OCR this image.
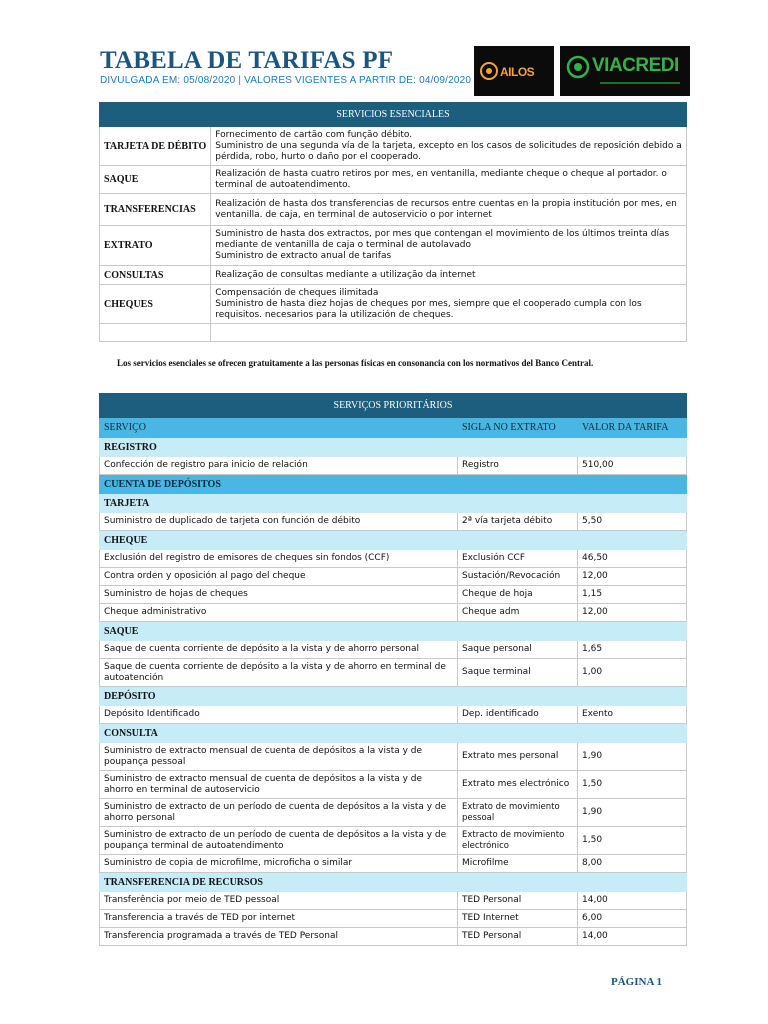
TABELA DE TARIFAS PF
DIVULGADA EM: 05/08/2020 | VALORES VIGENTES A PARTIR DE: 04/09/2020
AILOS	VIACREDI
SERVICIOS ESENCIALES	
TARJETA DE DÉBITO	Fornecimento de cartão com função débito.
Suministro de una segunda vía de la tarjeta, excepto en los casos de solicitudes de reposición debido a pérdida, robo, hurto o daño por el cooperado.

SAQUE	Realización de hasta cuatro retiros por mes, en ventanilla, mediante cheque o cheque al portador. o terminal de autoatendimento.

TRANSFERENCIAS	Realización de hasta dos transferencias de recursos entre cuentas en la propia institución por mes, en ventanilla. de caja, en terminal de autoservicio o por internet

EXTRATO	Suministro de hasta dos extractos, por mes que contengan el movimiento de los últimos treinta días mediante de ventanilla de caja o terminal de autolavado
Suministro de extracto anual de tarifas

CONSULTAS	Realização de consultas mediante a utilização da internet

CHEQUES	Compensación de cheques ilimitada
Suministro de hasta diez hojas de cheques por mes, siempre que el cooperado cumpla con los requisitos. necesarios para la utilización de cheques.

Los servicios esenciales se ofrecen gratuitamente a las personas físicas en consonancia con los normativos del Banco Central.
SERVIÇOS PRIORITÁRIOS		
SERVIÇO	SIGLA NO EXTRATO	VALOR DA TARIFA
REGISTRO		
Confección de registro para inicio de relación	Registro	510,00
CUENTA DE DEPÓSITOS		
TARJETA		
Suministro de duplicado de tarjeta con función de débito	2ª vía tarjeta débito	5,50
CHEQUE		
Exclusión del registro de emisores de cheques sin fondos (CCF)	Exclusión CCF	46,50
Contra orden y oposición al pago del cheque	Sustación/Revocación	12,00
Suministro de hojas de cheques	Cheque de hoja	1,15
Cheque administrativo	Cheque adm	12,00
SAQUE		
Saque de cuenta corriente de depósito a la vista y de ahorro personal	Saque personal	1,65
Saque de cuenta corriente de depósito a la vista y de ahorro en terminal de autoatención	Saque terminal	1,00
DEPÓSITO		
Depósito Identificado	Dep. identificado	Exento
CONSULTA		
Suministro de extracto mensual de cuenta de depósitos a la vista y de poupança pessoal	Extrato mes personal	1,90
Suministro de extracto mensual de cuenta de depósitos a la vista y de ahorro en terminal de autoservicio	Extrato mes electrónico	1,50
Suministro de extracto de un período de cuenta de depósitos a la vista y de ahorro personal	Extrato de movimiento pessoal	1,90
Suministro de extracto de un período de cuenta de depósitos a la vista y de poupança terminal de autoatendimento	Extracto de movimiento electrónico	1,50
Suministro de copia de microfilme, microficha o similar	Microfilme	8,00
TRANSFERENCIA DE RECURSOS		
Transferência por meio de TED pessoal	TED Personal	14,00
Transferencia a través de TED por internet	TED Internet	6,00
Transferencia programada a través de TED Personal	TED Personal	14,00
PÁGINA 1
